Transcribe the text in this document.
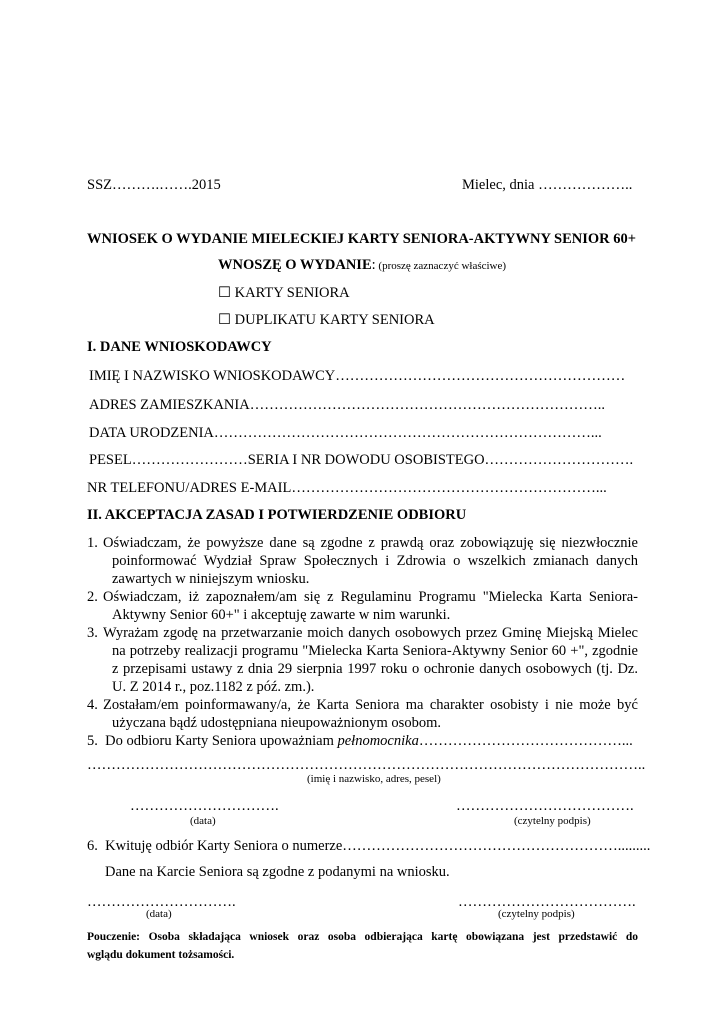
SSZ……….…….2015	Mielec, dnia ………………..
WNIOSEK O WYDANIE MIELECKIEJ KARTY SENIORA-AKTYWNY SENIOR 60+
WNOSZĘ O WYDANIE: (proszę zaznaczyć właściwe)
☐ KARTY SENIORA
☐ DUPLIKATU KARTY SENIORA
I. DANE WNIOSKODAWCY
IMIĘ I NAZWISKO WNIOSKODAWCY……………………………………………………
ADRES ZAMIESZKANIA………………………………………………………………..
DATA URODZENIA……………………………………………………………………...
PESEL……………………SERIA I NR DOWODU OSOBISTEGO………………………….
NR TELEFONU/ADRES E-MAIL………………………………………………………...
II. AKCEPTACJA ZASAD I POTWIERDZENIE ODBIORU
1. Oświadczam, że powyższe dane są zgodne z prawdą oraz zobowiązuję się niezwłocznie
poinformować Wydział Spraw Społecznych i Zdrowia o wszelkich zmianach danych
zawartych w niniejszym wniosku.
2. Oświadczam, iż zapoznałem/am się z Regulaminu Programu "Mielecka Karta Seniora-
Aktywny Senior 60+" i akceptuję zawarte w nim warunki.
3. Wyrażam zgodę na przetwarzanie moich danych osobowych przez Gminę Miejską Mielec
na potrzeby realizacji programu "Mielecka Karta Seniora-Aktywny Senior 60 +", zgodnie
z przepisami ustawy z dnia 29 sierpnia 1997 roku o ochronie danych osobowych (tj. Dz.
U. Z 2014 r., poz.1182 z póź. zm.).
4. Zostałam/em poinformawany/a, że Karta Seniora ma charakter osobisty i nie może być
użyczana bądź udostępniana nieupoważnionym osobom.
5. Do odbioru Karty Seniora upoważniam pełnomocnika……………………………………...
……………………………………………………………………………………………………..
(imię i nazwisko, adres, pesel)
………………………….
(data)
……………………………….
(czytelny podpis)
6. Kwituję odbiór Karty Seniora o numerze………………………………………………….........
Dane na Karcie Seniora są zgodne z podanymi na wniosku.
………………………….
(data)
……………………………….
(czytelny podpis)
Pouczenie: Osoba składająca wniosek oraz osoba odbierająca kartę obowiązana jest przedstawić do
wglądu dokument tożsamości.
